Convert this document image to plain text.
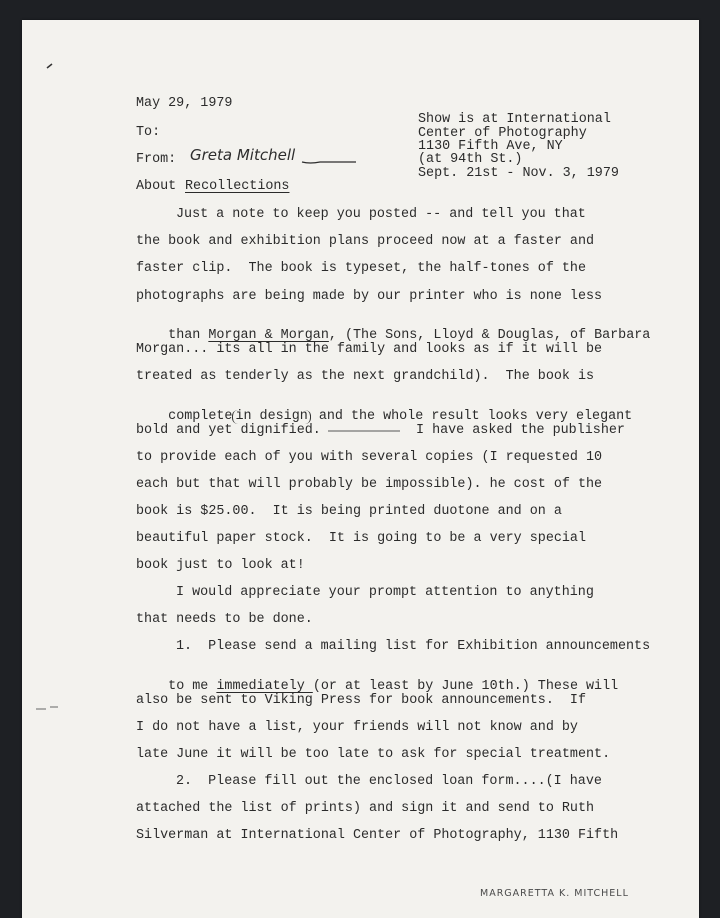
May 29, 1979
To:
From: Greta Mitchell
About Recollections
Show is at International
Center of Photography
1130 Fifth Ave, NY
(at 94th St.)
Sept. 21st - Nov. 3, 1979
Just a note to keep you posted -- and tell you that
the book and exhibition plans proceed now at a faster and
faster clip.  The book is typeset, the half-tones of the
photographs are being made by our printer who is none less

than Morgan & Morgan, (The Sons, Lloyd & Douglas, of Barbara

Morgan... its all in the family and looks as if it will be
treated as tenderly as the next grandchild).  The book is

complete in design and the whole result looks very elegant

bold and yet dignified.	I have asked the publisher
to provide each of you with several copies (I requested 10
each but that will probably be impossible). he cost of the
book is $25.00.  It is being printed duotone and on a
beautiful paper stock.  It is going to be a very special
book just to look at!
I would appreciate your prompt attention to anything
that needs to be done.
1.  Please send a mailing list for Exhibition announcements

to me immediately (or at least by June 10th.) These will

also be sent to Viking Press for book announcements.  If
I do not have a list, your friends will not know and by
late June it will be too late to ask for special treatment.
2.  Please fill out the enclosed loan form....(I have
attached the list of prints) and sign it and send to Ruth
Silverman at International Center of Photography, 1130 Fifth
MARGARETTA K. MITCHELL
